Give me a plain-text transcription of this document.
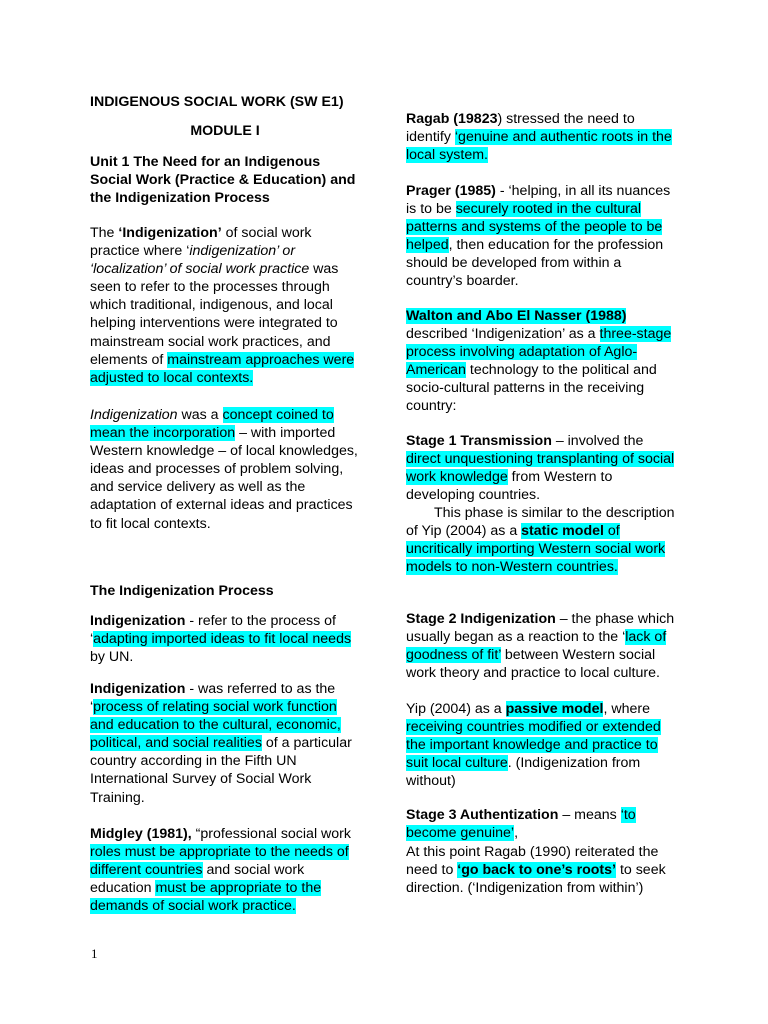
INDIGENOUS SOCIAL WORK (SW E1)

MODULE I

Unit 1 The Need for an Indigenous Social Work (Practice & Education) and the Indigenization Process

The ‘Indigenization’ of social work practice where ‘indigenization’ or ‘localization’ of social work practice was seen to refer to the processes through which traditional, indigenous, and local helping interventions were integrated to mainstream social work practices, and elements of mainstream approaches were adjusted to local contexts.

Indigenization was a concept coined to mean the incorporation – with imported Western knowledge – of local knowledges, ideas and processes of problem solving, and service delivery as well as the adaptation of external ideas and practices to fit local contexts.

The Indigenization Process

Indigenization - refer to the process of ‘adapting imported ideas to fit local needs by UN.

Indigenization - was referred to as the ‘process of relating social work function and education to the cultural, economic, political, and social realities of a particular country according in the Fifth UN International Survey of Social Work Training.

Midgley (1981), “professional social work roles must be appropriate to the needs of different countries and social work education must be appropriate to the demands of social work practice.

Ragab (19823) stressed the need to identify ‘genuine and authentic roots in the local system.

Prager (1985) - ‘helping, in all its nuances is to be securely rooted in the cultural patterns and systems of the people to be helped, then education for the profession should be developed from within a country’s boarder.

Walton and Abo El Nasser (1988) described ‘Indigenization’ as a three-stage process involving adaptation of Aglo-American technology to the political and socio-cultural patterns in the receiving country:

Stage 1 Transmission – involved the direct unquestioning transplanting of social work knowledge from Western to developing countries.

This phase is similar to the description of Yip (2004) as a static model of uncritically importing Western social work models to non-Western countries.

Stage 2 Indigenization – the phase which usually began as a reaction to the ‘lack of goodness of fit’ between Western social work theory and practice to local culture.

Yip (2004) as a passive model, where receiving countries modified or extended the important knowledge and practice to suit local culture. (Indigenization from without)

Stage 3 Authentization – means ‘to become genuine’,

At this point Ragab (1990) reiterated the need to ‘go back to one’s roots’ to seek direction. (‘Indigenization from within’)

1
